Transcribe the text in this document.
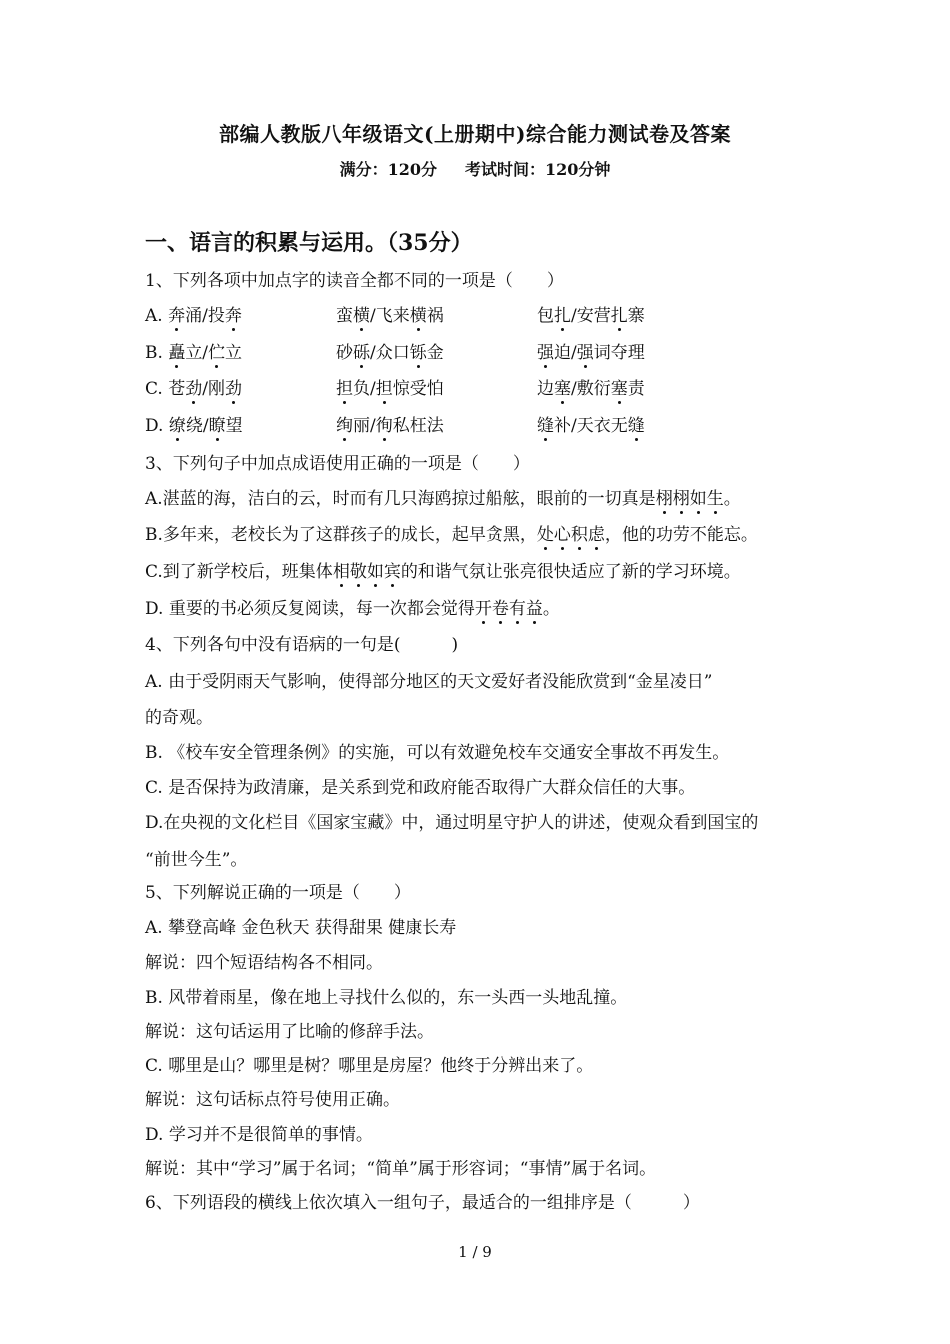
部编人教版八年级语文(上册期中)综合能力测试卷及答案
满分：120分 考试时间：120分钟
一、语言的积累与运用。（35分）
1、下列各项中加点字的读音全都不同的一项是（　　）
A. 奔涌/投奔	蛮横/飞来横祸	包扎/安营扎寨
B. 矗立/伫立	砂砾/众口铄金	强迫/强词夺理
C. 苍劲/刚劲	担负/担惊受怕	边塞/敷衍塞责
D. 缭绕/瞭望	绚丽/徇私枉法	缝补/天衣无缝
3、下列句子中加点成语使用正确的一项是（　　）
A.湛蓝的海，洁白的云，时而有几只海鸥掠过船舷，眼前的一切真是栩栩如生。
B.多年来，老校长为了这群孩子的成长，起早贪黑，处心积虑，他的功劳不能忘。
C.到了新学校后，班集体相敬如宾的和谐气氛让张亮很快适应了新的学习环境。
D. 重要的书必须反复阅读，每一次都会觉得开卷有益。
4、下列各句中没有语病的一句是(　　　)
A. 由于受阴雨天气影响，使得部分地区的天文爱好者没能欣赏到“金星凌日”
的奇观。
B. 《校车安全管理条例》的实施，可以有效避免校车交通安全事故不再发生。
C. 是否保持为政清廉，是关系到党和政府能否取得广大群众信任的大事。
D.在央视的文化栏目《国家宝藏》中，通过明星守护人的讲述，使观众看到国宝的
“前世今生”。
5、下列解说正确的一项是（　　）
A. 攀登高峰 金色秋天 获得甜果 健康长寿
解说：四个短语结构各不相同。
B. 风带着雨星，像在地上寻找什么似的，东一头西一头地乱撞。
解说：这句话运用了比喻的修辞手法。
C. 哪里是山？哪里是树？哪里是房屋？他终于分辨出来了。
解说：这句话标点符号使用正确。
D. 学习并不是很简单的事情。
解说：其中“学习”属于名词；“简单”属于形容词；“事情”属于名词。
6、下列语段的横线上依次填入一组句子，最适合的一组排序是（　　　）
1 / 9
